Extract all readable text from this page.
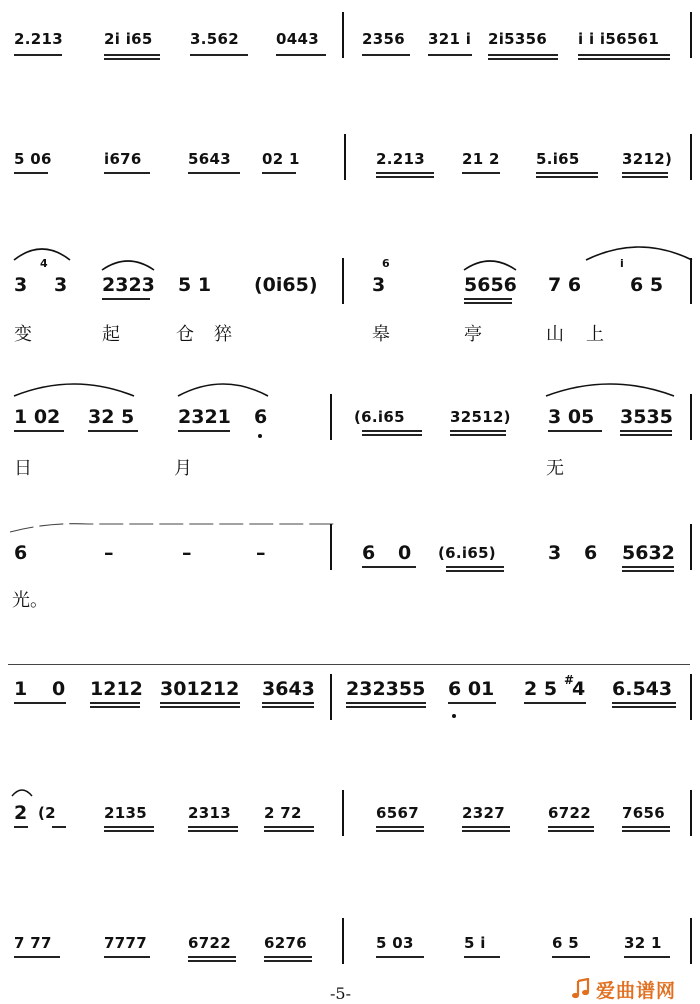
2.213	2i i65 3.562 0443	2356 321 i 2i5356 i i i56561
5 06	i676	5643 02 1	2.213 21 2 5.i65	3212)
3
4
3 2323 5 1 (0i65)
6
3	5656 7 6
i
6 5
变	起	仓 猝	皋	亭	山 上
1 02 32 5 2321 6	(6.i65	32512) 3 05 3535
日	月	无
6	–	–	–	6 0 (6.i65)	3 6 5632
光。
1 0 1212 301212 3643 232355 6 01 2 5 #
4 6.543
2 (2	2135	2313 2 72	6567	2327	6722 7656
7 77	7777	6722 6276	5 03	5 i	6 5	32 1
-5-	爱曲谱网
